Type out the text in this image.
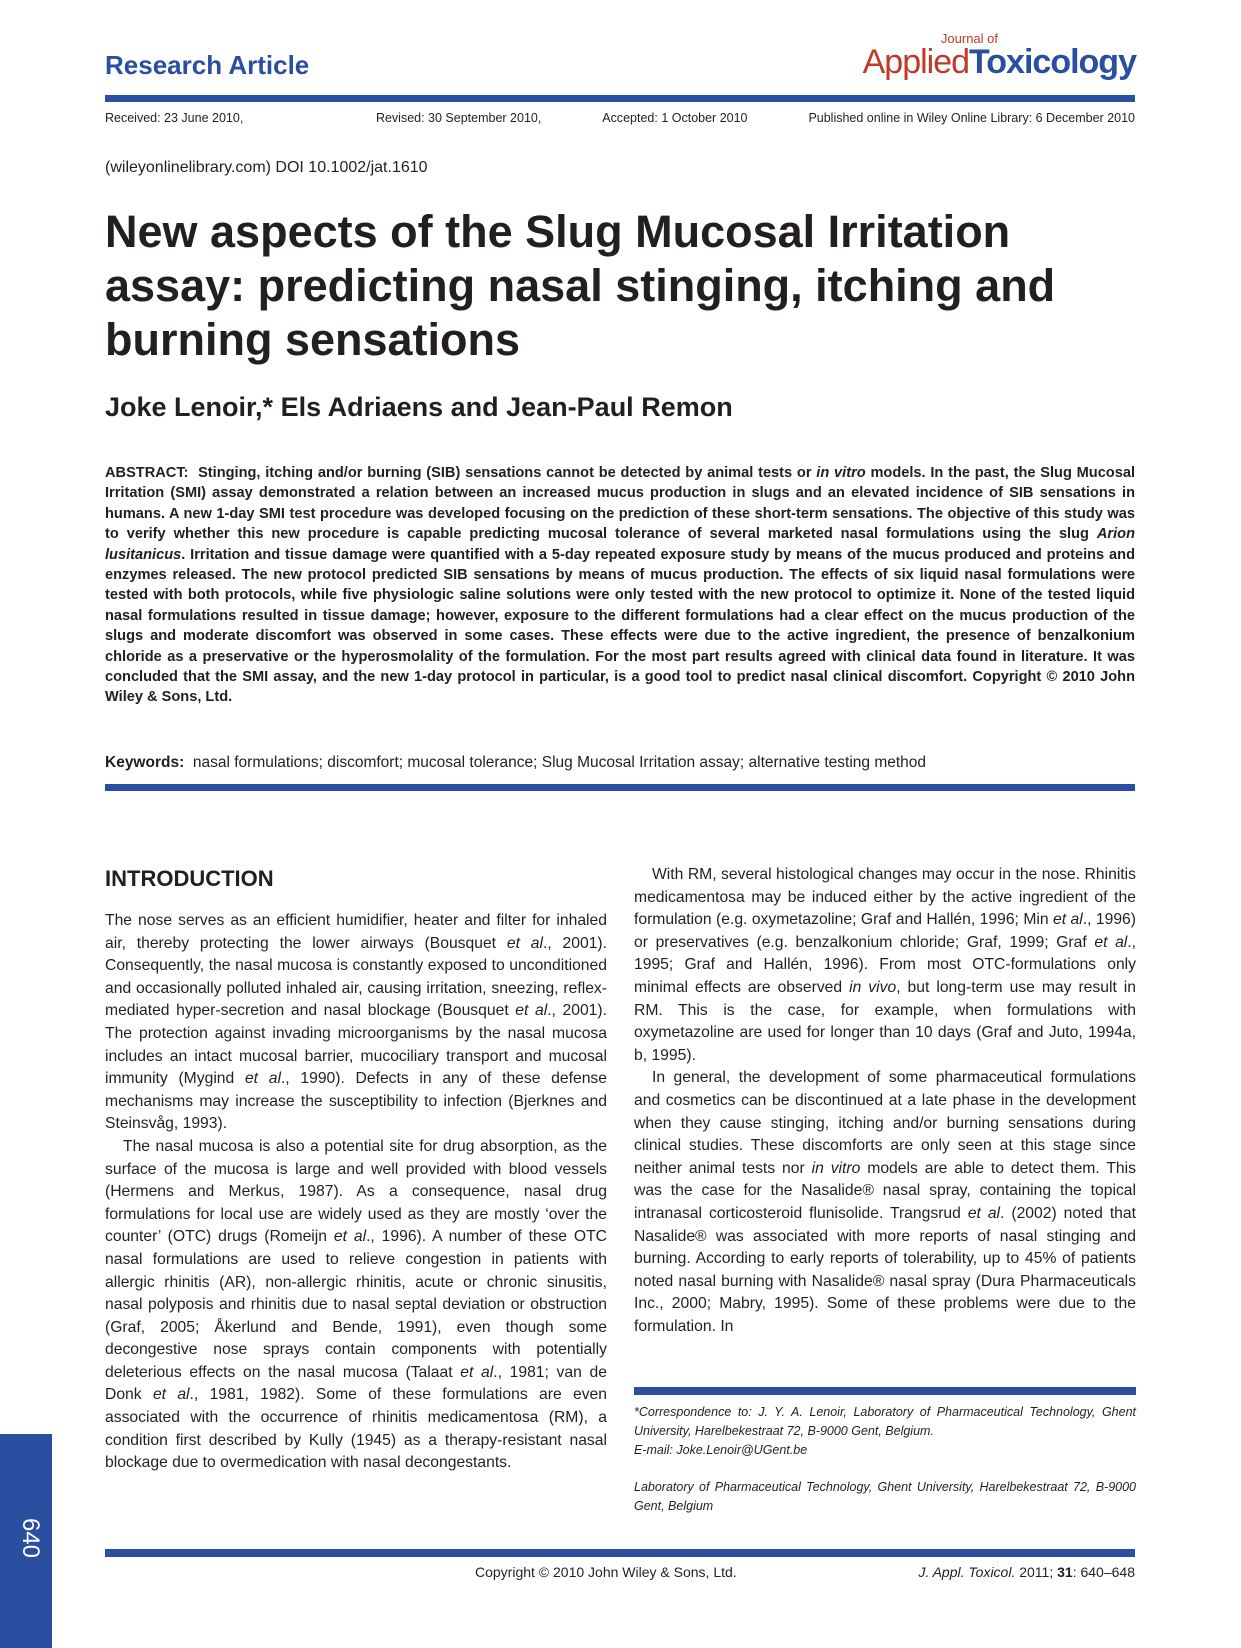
Research Article
Journal of
AppliedToxicology
Received: 23 June 2010,	Revised: 30 September 2010,	Accepted: 1 October 2010	Published online in Wiley Online Library: 6 December 2010
(wileyonlinelibrary.com) DOI 10.1002/jat.1610
New aspects of the Slug Mucosal Irritation assay: predicting nasal stinging, itching and burning sensations
Joke Lenoir,* Els Adriaens and Jean-Paul Remon

ABSTRACT: Stinging, itching and/or burning (SIB) sensations cannot be detected by animal tests or in vitro models. In the past, the Slug Mucosal Irritation (SMI) assay demonstrated a relation between an increased mucus production in slugs and an elevated incidence of SIB sensations in humans. A new 1-day SMI test procedure was developed focusing on the prediction of these short-term sensations. The objective of this study was to verify whether this new procedure is capable predicting mucosal tolerance of several marketed nasal formulations using the slug Arion lusitanicus. Irritation and tissue damage were quantified with a 5-day repeated exposure study by means of the mucus produced and proteins and enzymes released. The new protocol predicted SIB sensations by means of mucus production. The effects of six liquid nasal formulations were tested with both protocols, while five physiologic saline solutions were only tested with the new protocol to optimize it. None of the tested liquid nasal formulations resulted in tissue damage; however, exposure to the different formulations had a clear effect on the mucus production of the slugs and moderate discomfort was observed in some cases. These effects were due to the active ingredient, the presence of benzalkonium chloride as a preservative or the hyperosmolality of the formulation. For the most part results agreed with clinical data found in literature. It was concluded that the SMI assay, and the new 1-day protocol in particular, is a good tool to predict nasal clinical discomfort. Copyright © 2010 John Wiley & Sons, Ltd.

Keywords: nasal formulations; discomfort; mucosal tolerance; Slug Mucosal Irritation assay; alternative testing method
INTRODUCTION

The nose serves as an efficient humidifier, heater and filter for inhaled air, thereby protecting the lower airways (Bousquet et al., 2001). Consequently, the nasal mucosa is constantly exposed to unconditioned and occasionally polluted inhaled air, causing irritation, sneezing, reflex-mediated hyper-secretion and nasal blockage (Bousquet et al., 2001). The protection against invading microorganisms by the nasal mucosa includes an intact mucosal barrier, mucociliary transport and mucosal immunity (Mygind et al., 1990). Defects in any of these defense mechanisms may increase the susceptibility to infection (Bjerknes and Steinsvåg, 1993).

The nasal mucosa is also a potential site for drug absorption, as the surface of the mucosa is large and well provided with blood vessels (Hermens and Merkus, 1987). As a consequence, nasal drug formulations for local use are widely used as they are mostly ‘over the counter’ (OTC) drugs (Romeijn et al., 1996). A number of these OTC nasal formulations are used to relieve congestion in patients with allergic rhinitis (AR), non-allergic rhinitis, acute or chronic sinusitis, nasal polyposis and rhinitis due to nasal septal deviation or obstruction (Graf, 2005; Åkerlund and Bende, 1991), even though some decongestive nose sprays contain components with potentially deleterious effects on the nasal mucosa (Talaat et al., 1981; van de Donk et al., 1981, 1982). Some of these formulations are even associated with the occurrence of rhinitis medicamentosa (RM), a condition first described by Kully (1945) as a therapy-resistant nasal blockage due to overmedication with nasal decongestants.

With RM, several histological changes may occur in the nose. Rhinitis medicamentosa may be induced either by the active ingredient of the formulation (e.g. oxymetazoline; Graf and Hallén, 1996; Min et al., 1996) or preservatives (e.g. benzalkonium chloride; Graf, 1999; Graf et al., 1995; Graf and Hallén, 1996). From most OTC-formulations only minimal effects are observed in vivo, but long-term use may result in RM. This is the case, for example, when formulations with oxymetazoline are used for longer than 10 days (Graf and Juto, 1994a, b, 1995).

In general, the development of some pharmaceutical formulations and cosmetics can be discontinued at a late phase in the development when they cause stinging, itching and/or burning sensations during clinical studies. These discomforts are only seen at this stage since neither animal tests nor in vitro models are able to detect them. This was the case for the Nasalide® nasal spray, containing the topical intranasal corticosteroid flunisolide. Trangsrud et al. (2002) noted that Nasalide® was associated with more reports of nasal stinging and burning. According to early reports of tolerability, up to 45% of patients noted nasal burning with Nasalide® nasal spray (Dura Pharmaceuticals Inc., 2000; Mabry, 1995). Some of these problems were due to the formulation. In

*Correspondence to: J. Y. A. Lenoir, Laboratory of Pharmaceutical Technology, Ghent University, Harelbekestraat 72, B-9000 Gent, Belgium.
E-mail: Joke.Lenoir@UGent.be
Laboratory of Pharmaceutical Technology, Ghent University, Harelbekestraat 72, B-9000 Gent, Belgium
640
Copyright © 2010 John Wiley & Sons, Ltd.	J. Appl. Toxicol. 2011; 31: 640–648
